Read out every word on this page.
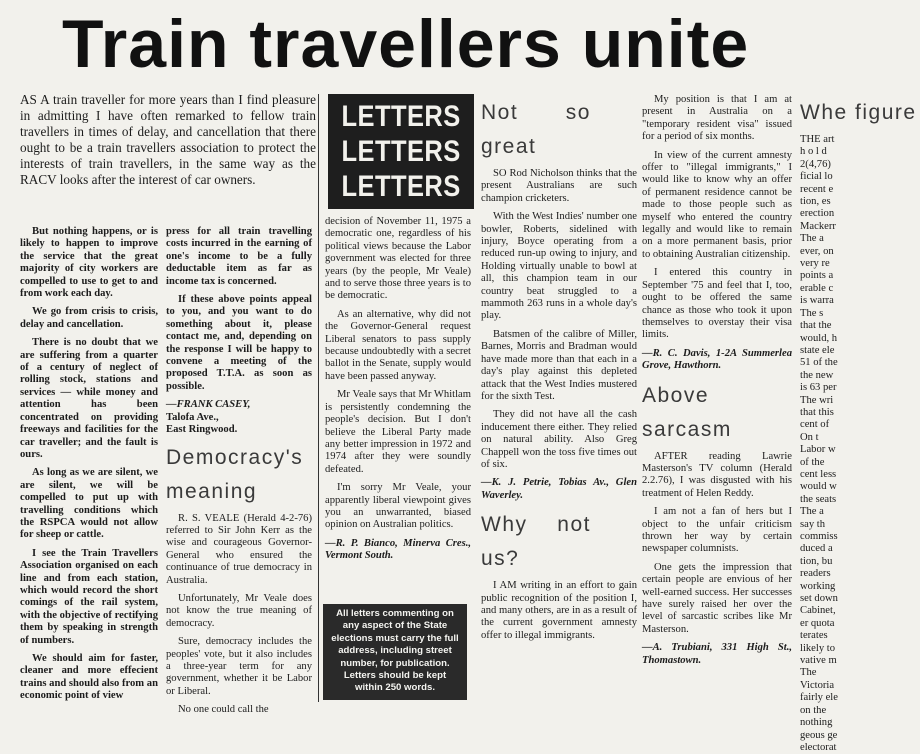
Train travellers unite

AS A train traveller for more years than I find pleasure in admitting I have often remarked to fellow train travellers in times of delay, and cancellation that there ought to be a train travellers association to protect the interests of train travellers, in the same way as the RACV looks after the interest of car owners.

But nothing happens, or is likely to happen to improve the service that the great majority of city workers are compelled to use to get to and from work each day.

We go from crisis to crisis, delay and cancellation.

There is no doubt that we are suffering from a quarter of a century of neglect of rolling stock, stations and services — while money and attention has been concentrated on providing freeways and facilities for the car traveller; and the fault is ours.

As long as we are silent, we are silent, we will be compelled to put up with travelling conditions which the RSPCA would not allow for sheep or cattle.

I see the Train Travellers Association organised on each line and from each station, which would record the short comings of the rail system, with the objective of rectifying them by speaking in strength of numbers.

We should aim for faster, cleaner and more effecient trains and should also from an economic point of view

press for all train travelling costs incurred in the earning of one's income to be a fully deductable item as far as income tax is concerned.

If these above points appeal to you, and you want to do something about it, please contact me, and, depending on the response I will be happy to convene a meeting of the proposed T.T.A. as soon as possible.

—FRANK CASEY,

Talofa Ave.,

East Ringwood.

Democracy's meaning

R. S. VEALE (Herald 4-2-76) referred to Sir John Kerr as the wise and courageous Governor-General who ensured the continuance of true democracy in Australia.

Unfortunately, Mr Veale does not know the true meaning of democracy.

Sure, democracy includes the peoples' vote, but it also includes a three-year term for any government, whether it be Labor or Liberal.

No one could call the

LETTERS
LETTERS
LETTERS

decision of November 11, 1975 a democratic one, regardless of his political views because the Labor government was elected for three years (by the people, Mr Veale) and to serve those three years is to be democratic.

As an alternative, why did not the Governor-General request Liberal senators to pass supply because undoubtedly with a secret ballot in the Senate, supply would have been passed anyway.

Mr Veale says that Mr Whitlam is persistently condemning the people's decision. But I don't believe the Liberal Party made any better impression in 1972 and 1974 after they were soundly defeated.

I'm sorry Mr Veale, your apparently liberal viewpoint gives you an unwarranted, biased opinion on Australian politics.

—R. P. Bianco, Minerva Cres., Vermont South.

All letters commenting on any aspect of the State elections must carry the full address, including street number, for publication. Letters should be kept within 250 words.
Not so great

SO Rod Nicholson thinks that the present Australians are such champion cricketers.

With the West Indies' number one bowler, Roberts, sidelined with injury, Boyce operating from a reduced run-up owing to injury, and Holding virtually unable to bowl at all, this champion team in our country beat struggled to a mammoth 263 runs in a whole day's play.

Batsmen of the calibre of Miller, Barnes, Morris and Bradman would have made more than that each in a day's play against this depleted attack that the West Indies mustered for the sixth Test.

They did not have all the cash inducement there either. They relied on natural ability. Also Greg Chappell won the toss five times out of six.

—K. J. Petrie, Tobias Av., Glen Waverley.

Why not us?

I AM writing in an effort to gain public recognition of the position I, and many others, are in as a result of the current government amnesty offer to illegal immigrants.

My position is that I am at present in Australia on a "temporary resident visa" issued for a period of six months.

In view of the current amnesty offer to "illegal immigrants," I would like to know why an offer of permanent residence cannot be made to those people such as myself who entered the country legally and would like to remain on a more permanent basis, prior to obtaining Australian citizenship.

I entered this country in September '75 and feel that I, too, ought to be offered the same chance as those who took it upon themselves to overstay their visa limits.

—R. C. Davis, 1-2A Summerlea Grove, Hawthorn.

Above sarcasm

AFTER reading Lawrie Masterson's TV column (Herald 2.2.76), I was disgusted with his treatment of Helen Reddy.

I am not a fan of hers but I object to the unfair criticism thrown her way by certain newspaper columnists.

One gets the impression that certain people are envious of her well-earned success. Her successes have surely raised her over the level of sarcastic scribes like Mr Masterson.

—A. Trubiani, 331 High St., Thomastown.

Whe figure
THE art
h o l d
2(4,76)
ficial lo
recent e
tion, es
erection
Mackerr
The a
ever, on
very re
points a
erable c
is warra
The s
that the
would, h
state ele
51 of the
the new
is 63 per
The wri
that this
cent of
On t
Labor w
of the
cent less
would w
the seats
The a
say th
commiss
duced a
tion, bu
readers
working
set down
Cabinet,
er quota
terates
likely to
vative m
The
Victoria
fairly ele
on the
nothing
geous ge
electorat
